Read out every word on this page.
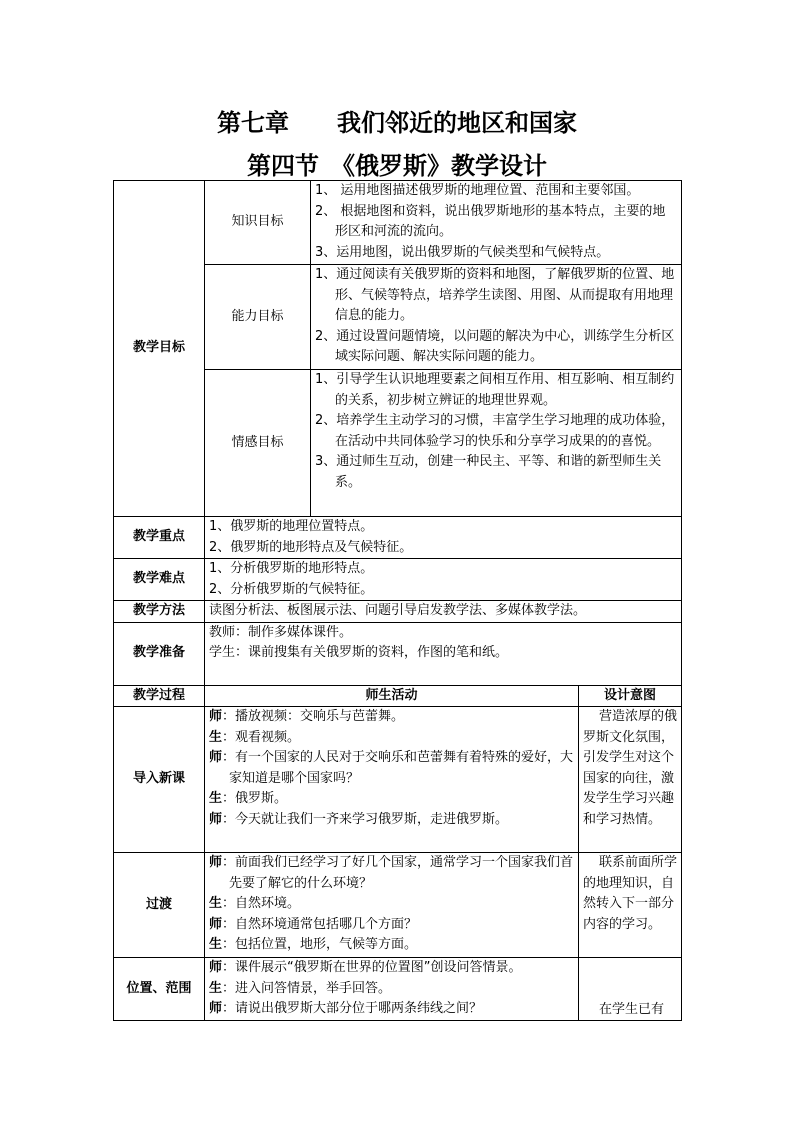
第七章　　我们邻近的地区和国家
第四节　《俄罗斯》教学设计
教学目标	知识目标	1、 运用地图描述俄罗斯的地理位置、范围和主要邻国。
2、 根据地图和资料，说出俄罗斯地形的基本特点，主要的地形区和河流的流向。
3、运用地图，说出俄罗斯的气候类型和气候特点。	

	能力目标	1、通过阅读有关俄罗斯的资料和地图，了解俄罗斯的位置、地形、气候等特点，培养学生读图、用图、从而提取有用地理信息的能力。
2、通过设置问题情境，以问题的解决为中心，训练学生分析区域实际问题、解决实际问题的能力。	

	情感目标	1、引导学生认识地理要素之间相互作用、相互影响、相互制约的关系，初步树立辨证的地理世界观。
2、培养学生主动学习的习惯，丰富学生学习地理的成功体验，在活动中共同体验学习的快乐和分享学习成果的的喜悦。
3、通过师生互动，创建一种民主、平等、和谐的新型师生关系。	

教学重点	1、俄罗斯的地理位置特点。
2、俄罗斯的地形特点及气候特征。		

教学难点	1、分析俄罗斯的地形特点。
2、分析俄罗斯的气候特征。		

教学方法	读图分析法、板图展示法、问题引导启发教学法、多媒体教学法。		
教学准备	教师：制作多媒体课件。
学生：课前搜集有关俄罗斯的资料，作图的笔和纸。		

教学过程	师生活动		设计意图
导入新课	师：播放视频：交响乐与芭蕾舞。
生：观看视频。
师：有一个国家的人民对于交响乐和芭蕾舞有着特殊的爱好，大家知道是哪个国家吗？
生：俄罗斯。
师：今天就让我们一齐来学习俄罗斯，走进俄罗斯。		营造浓厚的俄罗斯文化氛围，引发学生对这个国家的向往，激发学生学习兴趣和学习热情。

过渡	师：前面我们已经学习了好几个国家，通常学习一个国家我们首先要了解它的什么环境？
生：自然环境。
师：自然环境通常包括哪几个方面？
生：包括位置，地形，气候等方面。		联系前面所学的地理知识，自然转入下一部分内容的学习。

位置、范围	师：课件展示“俄罗斯在世界的位置图”创设问答情景。
生：进入问答情景，举手回答。
师：请说出俄罗斯大部分位于哪两条纬线之间？		在学生已有
